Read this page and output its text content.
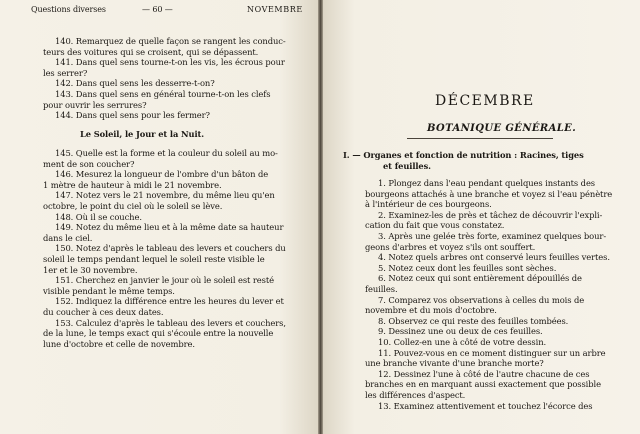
Questions diverses	— 60 —	NOVEMBRE
140. Remarquez de quelle façon se rangent les conduc-
teurs des voitures qui se croisent, qui se dépassent.
141. Dans quel sens tourne-t-on les vis, les écrous pour
les serrer?
142. Dans quel sens les desserre-t-on?
143. Dans quel sens en général tourne-t-on les clefs
pour ouvrir les serrures?
144. Dans quel sens pour les fermer?
Le Soleil, le Jour et la Nuit.
145. Quelle est la forme et la couleur du soleil au mo-
ment de son coucher?
146. Mesurez la longueur de l'ombre d'un bâton de
1 mètre de hauteur à midi le 21 novembre.
147. Notez vers le 21 novembre, du même lieu qu'en
octobre, le point du ciel où le soleil se lève.
148. Où il se couche.
149. Notez du même lieu et à la même date sa hauteur
dans le ciel.
150. Notez d'après le tableau des levers et couchers du
soleil le temps pendant lequel le soleil reste visible le
1er et le 30 novembre.
151. Cherchez en janvier le jour où le soleil est resté
visible pendant le même temps.
152. Indiquez la différence entre les heures du lever et
du coucher à ces deux dates.
153. Calculez d'après le tableau des levers et couchers,
de la lune, le temps exact qui s'écoule entre la nouvelle
lune d'octobre et celle de novembre.
DÉCEMBRE
BOTANIQUE GÉNÉRALE.
I. — Organes et fonction de nutrition : Racines, tiges
et feuilles.
1. Plongez dans l'eau pendant quelques instants des
bourgeons attachés à une branche et voyez si l'eau pénètre
à l'intérieur de ces bourgeons.
2. Examinez-les de près et tâchez de découvrir l'expli-
cation du fait que vous constatez.
3. Après une gelée très forte, examinez quelques bour-
geons d'arbres et voyez s'ils ont souffert.
4. Notez quels arbres ont conservé leurs feuilles vertes.
5. Notez ceux dont les feuilles sont sèches.
6. Notez ceux qui sont entièrement dépouillés de
feuilles.
7. Comparez vos observations à celles du mois de
novembre et du mois d'octobre.
8. Observez ce qui reste des feuilles tombées.
9. Dessinez une ou deux de ces feuilles.
10. Collez-en une à côté de votre dessin.
11. Pouvez-vous en ce moment distinguer sur un arbre
une branche vivante d'une branche morte?
12. Dessinez l'une à côté de l'autre chacune de ces
branches en en marquant aussi exactement que possible
les différences d'aspect.
13. Examinez attentivement et touchez l'écorce des
